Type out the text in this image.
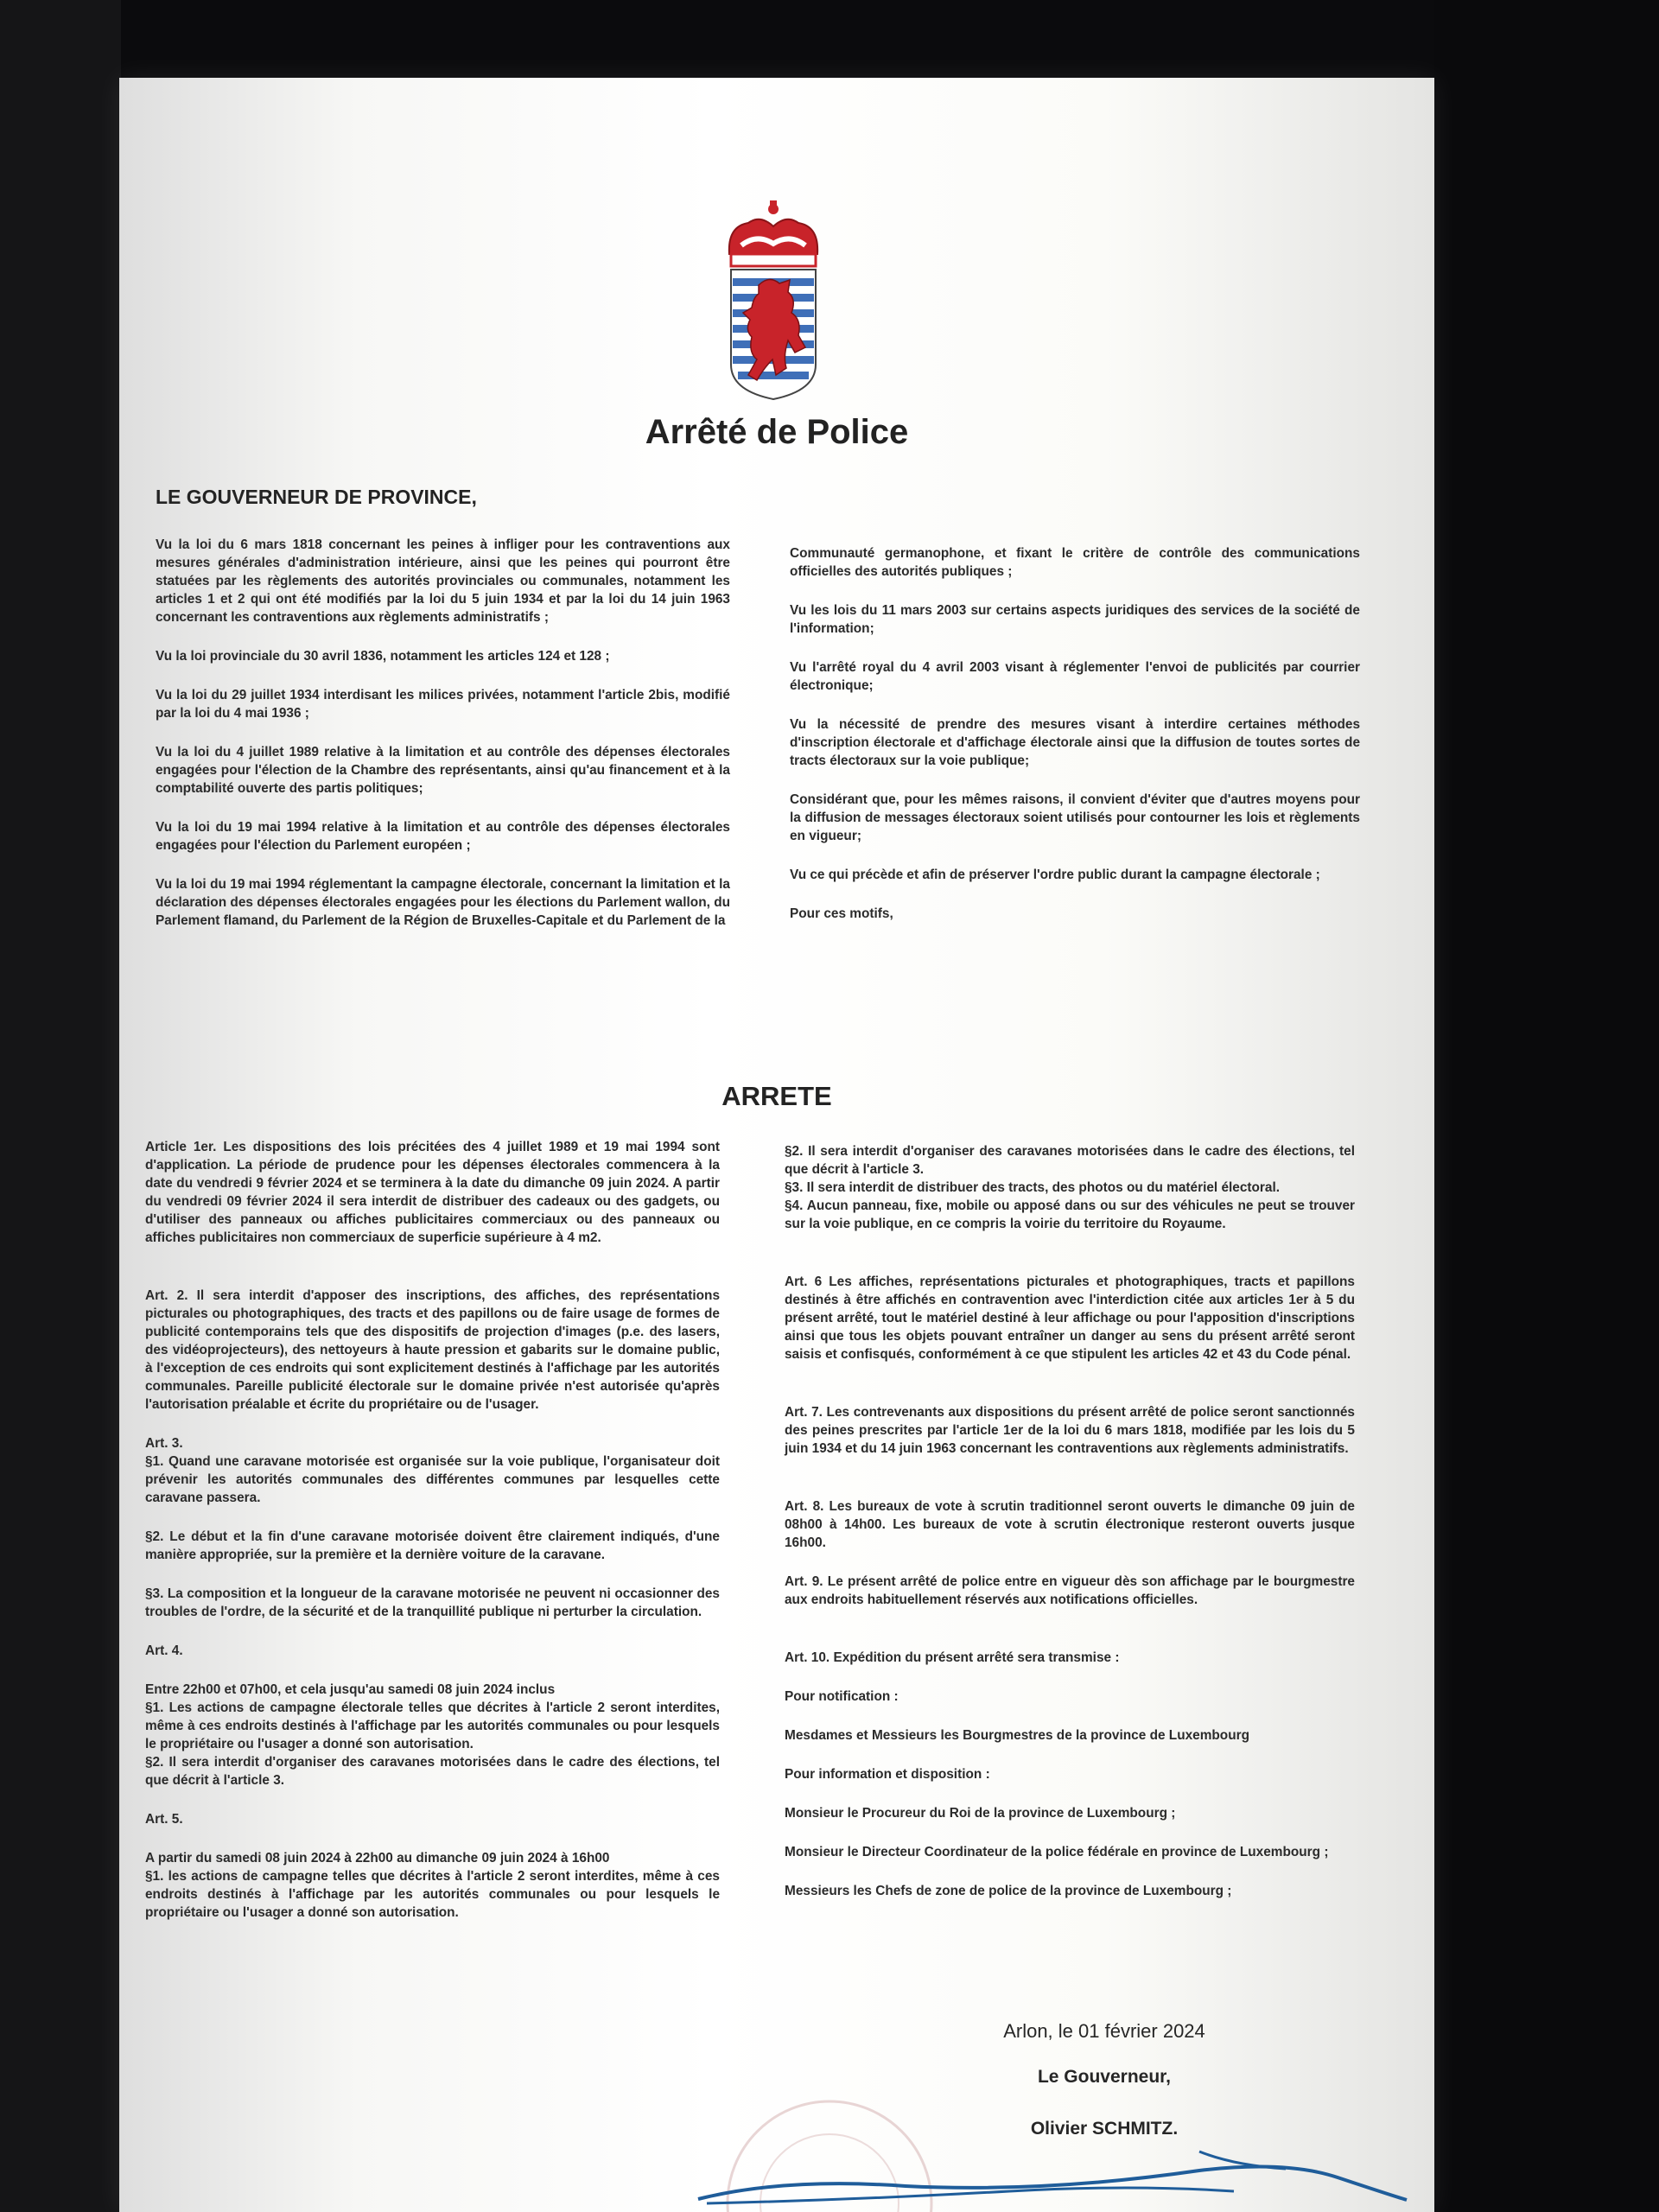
Arrêté de Police
LE GOUVERNEUR DE PROVINCE,

Vu la loi du 6 mars 1818 concernant les peines à infliger pour les contraventions aux mesures générales d'administration intérieure, ainsi que les peines qui pourront être statuées par les règlements des autorités provinciales ou communales, notamment les articles 1 et 2 qui ont été modifiés par la loi du 5 juin 1934 et par la loi du 14 juin 1963 concernant les contraventions aux règlements administratifs ;

Vu la loi provinciale du 30 avril 1836, notamment les articles 124 et 128 ;

Vu la loi du 29 juillet 1934 interdisant les milices privées, notamment l'article 2bis, modifié par la loi du 4 mai 1936 ;

Vu la loi du 4 juillet 1989 relative à la limitation et au contrôle des dépenses électorales engagées pour l'élection de la Chambre des représentants, ainsi qu'au financement et à la comptabilité ouverte des partis politiques;

Vu la loi du 19 mai 1994 relative à la limitation et au contrôle des dépenses électorales engagées pour l'élection du Parlement européen ;

Vu la loi du 19 mai 1994 réglementant la campagne électorale, concernant la limitation et la déclaration des dépenses électorales engagées pour les élections du Parlement wallon, du Parlement flamand, du Parlement de la Région de Bruxelles-Capitale et du Parlement de la

Communauté germanophone, et fixant le critère de contrôle des communications officielles des autorités publiques ;

Vu les lois du 11 mars 2003 sur certains aspects juridiques des services de la société de l'information;

Vu l'arrêté royal du 4 avril 2003 visant à réglementer l'envoi de publicités par courrier électronique;

Vu la nécessité de prendre des mesures visant à interdire certaines méthodes d'inscription électorale et d'affichage électorale ainsi que la diffusion de toutes sortes de tracts électoraux sur la voie publique;

Considérant que, pour les mêmes raisons, il convient d'éviter que d'autres moyens pour la diffusion de messages électoraux soient utilisés pour contourner les lois et règlements en vigueur;

Vu ce qui précède et afin de préserver l'ordre public durant la campagne électorale ;

Pour ces motifs,

ARRETE

Article 1er. Les dispositions des lois précitées des 4 juillet 1989 et 19 mai 1994 sont d'application. La période de prudence pour les dépenses électorales commencera à la date du vendredi 9 février 2024 et se terminera à la date du dimanche 09 juin 2024. A partir du vendredi 09 février 2024 il sera interdit de distribuer des cadeaux ou des gadgets, ou d'utiliser des panneaux ou affiches publicitaires commerciaux ou des panneaux ou affiches publicitaires non commerciaux de superficie supérieure à 4 m2.

Art. 2. Il sera interdit d'apposer des inscriptions, des affiches, des représentations picturales ou photographiques, des tracts et des papillons ou de faire usage de formes de publicité contemporains tels que des dispositifs de projection d'images (p.e. des lasers, des vidéoprojecteurs), des nettoyeurs à haute pression et gabarits sur le domaine public, à l'exception de ces endroits qui sont explicitement destinés à l'affichage par les autorités communales. Pareille publicité électorale sur le domaine privée n'est autorisée qu'après l'autorisation préalable et écrite du propriétaire ou de l'usager.

Art. 3.

§1. Quand une caravane motorisée est organisée sur la voie publique, l'organisateur doit prévenir les autorités communales des différentes communes par lesquelles cette caravane passera.

§2. Le début et la fin d'une caravane motorisée doivent être clairement indiqués, d'une manière appropriée, sur la première et la dernière voiture de la caravane.

§3. La composition et la longueur de la caravane motorisée ne peuvent ni occasionner des troubles de l'ordre, de la sécurité et de la tranquillité publique ni perturber la circulation.

Art. 4.

Entre 22h00 et 07h00, et cela jusqu'au samedi 08 juin 2024 inclus
§1. Les actions de campagne électorale telles que décrites à l'article 2 seront interdites, même à ces endroits destinés à l'affichage par les autorités communales ou pour lesquels le propriétaire ou l'usager a donné son autorisation.

§2. Il sera interdit d'organiser des caravanes motorisées dans le cadre des élections, tel que décrit à l'article 3.

Art. 5.

A partir du samedi 08 juin 2024 à 22h00 au dimanche 09 juin 2024 à 16h00
§1. les actions de campagne telles que décrites à l'article 2 seront interdites, même à ces endroits destinés à l'affichage par les autorités communales ou pour lesquels le propriétaire ou l'usager a donné son autorisation.
§2. Il sera interdit d'organiser des caravanes motorisées dans le cadre des élections, tel que décrit à l'article 3.
§3. Il sera interdit de distribuer des tracts, des photos ou du matériel électoral.

§4. Aucun panneau, fixe, mobile ou apposé dans ou sur des véhicules ne peut se trouver sur la voie publique, en ce compris la voirie du territoire du Royaume.

Art. 6 Les affiches, représentations picturales et photographiques, tracts et papillons destinés à être affichés en contravention avec l'interdiction citée aux articles 1er à 5 du présent arrêté, tout le matériel destiné à leur affichage ou pour l'apposition d'inscriptions ainsi que tous les objets pouvant entraîner un danger au sens du présent arrêté seront saisis et confisqués, conformément à ce que stipulent les articles 42 et 43 du Code pénal.

Art. 7. Les contrevenants aux dispositions du présent arrêté de police seront sanctionnés des peines prescrites par l'article 1er de la loi du 6 mars 1818, modifiée par les lois du 5 juin 1934 et du 14 juin 1963 concernant les contraventions aux règlements administratifs.

Art. 8. Les bureaux de vote à scrutin traditionnel seront ouverts le dimanche 09 juin de 08h00 à 14h00. Les bureaux de vote à scrutin électronique resteront ouverts jusque 16h00.

Art. 9. Le présent arrêté de police entre en vigueur dès son affichage par le bourgmestre aux endroits habituellement réservés aux notifications officielles.

Art. 10. Expédition du présent arrêté sera transmise :

Pour notification :

Mesdames et Messieurs les Bourgmestres de la province de Luxembourg

Pour information et disposition :

Monsieur le Procureur du Roi de la province de Luxembourg ;

Monsieur le Directeur Coordinateur de la police fédérale en province de Luxembourg ;

Messieurs les Chefs de zone de police de la province de Luxembourg ;

Arlon, le 01 février 2024
Le Gouverneur,
Olivier SCHMITZ.
